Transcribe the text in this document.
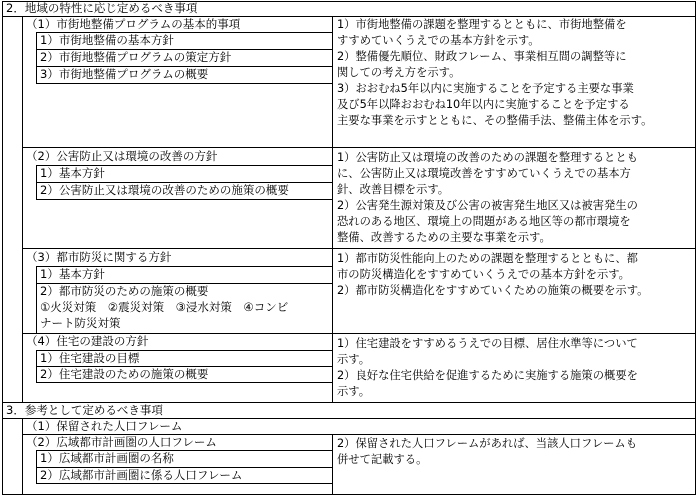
2．地域の特性に応じ定めるべき事項
（1）市街地整備プログラムの基本的事項
1）市街地整備の基本方針
2）市街地整備プログラムの策定方針
3）市街地整備プログラムの概要
1）市街地整備の課題を整理するとともに、市街地整備を
すすめていくうえでの基本方針を示す。
2）整備優先順位、財政フレーム、事業相互間の調整等に
関しての考え方を示す。
3）おおむね5年以内に実施することを予定する主要な事業
及び5年以降おおむね10年以内に実施することを予定する
主要な事業を示すとともに、その整備手法、整備主体を示す。
（2）公害防止又は環境の改善の方針
1）基本方針
2）公害防止又は環境の改善のための施策の概要
1）公害防止又は環境の改善のための課題を整理するととも
に、公害防止又は環境改善をすすめていくうえでの基本方
針、改善目標を示す。
2）公害発生源対策及び公害の被害発生地区又は被害発生の
恐れのある地区、環境上の問題がある地区等の都市環境を
整備、改善するための主要な事業を示す。
（3）都市防災に関する方針
1）基本方針
2）都市防災のための施策の概要
①火災対策　②震災対策　③浸水対策　④コンビ
ナート防災対策
1）都市防災性能向上のための課題を整理するとともに、都
市の防災構造化をすすめていくうえでの基本方針を示す。
2）都市防災構造化をすすめていくための施策の概要を示す。
（4）住宅の建設の方針
1）住宅建設の目標
2）住宅建設のための施策の概要
1）住宅建設をすすめるうえでの目標、居住水準等について
示す。
2）良好な住宅供給を促進するために実施する施策の概要を
示す。
3．参考として定めるべき事項
（1）保留された人口フレーム
（2）広域都市計画圏の人口フレーム
1）広域都市計画圏の名称
2）広域都市計画圏に係る人口フレーム
2）保留された人口フレームがあれば、当該人口フレームも
併せて記載する。
